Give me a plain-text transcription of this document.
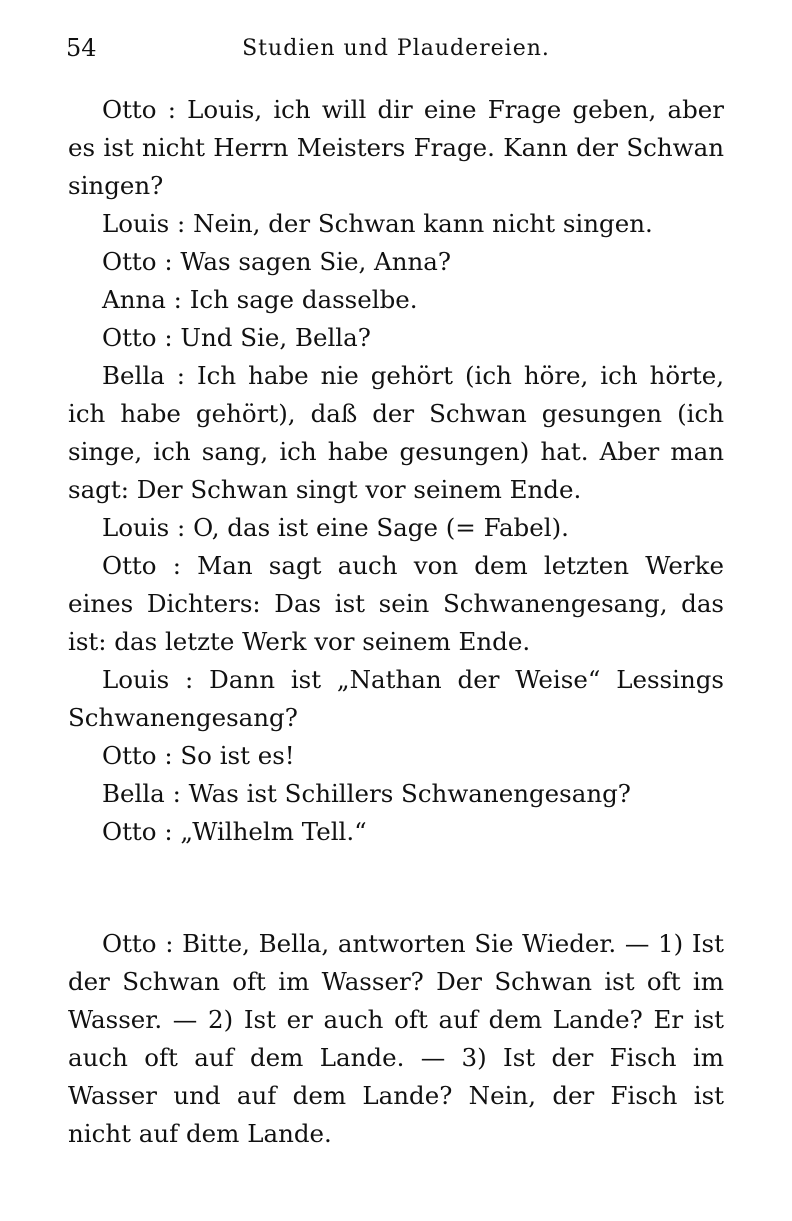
54	Studien und Plaudereien.

Otto : Louis, ich will dir eine Frage geben, aber es ist nicht Herrn Meisters Frage. Kann der Schwan singen?

Louis : Nein, der Schwan kann nicht singen.

Otto : Was sagen Sie, Anna?

Anna : Ich sage dasselbe.

Otto : Und Sie, Bella?

Bella : Ich habe nie gehört (ich höre, ich hörte, ich habe gehört), daß der Schwan gesungen (ich singe, ich sang, ich habe gesungen) hat. Aber man sagt: Der Schwan singt vor seinem Ende.

Louis : O, das ist eine Sage (= Fabel).

Otto : Man sagt auch von dem letzten Werke eines Dichters: Das ist sein Schwanengesang, das ist: das letzte Werk vor seinem Ende.

Louis : Dann ist „Nathan der Weise“ Lessings Schwanengesang?

Otto : So ist es!

Bella : Was ist Schillers Schwanengesang?

Otto : „Wilhelm Tell.“

Otto : Bitte, Bella, antworten Sie Wieder. — 1) Ist der Schwan oft im Wasser? Der Schwan ist oft im Wasser. — 2) Ist er auch oft auf dem Lande? Er ist auch oft auf dem Lande. — 3) Ist der Fisch im Wasser und auf dem Lande? Nein, der Fisch ist nicht auf dem Lande.
